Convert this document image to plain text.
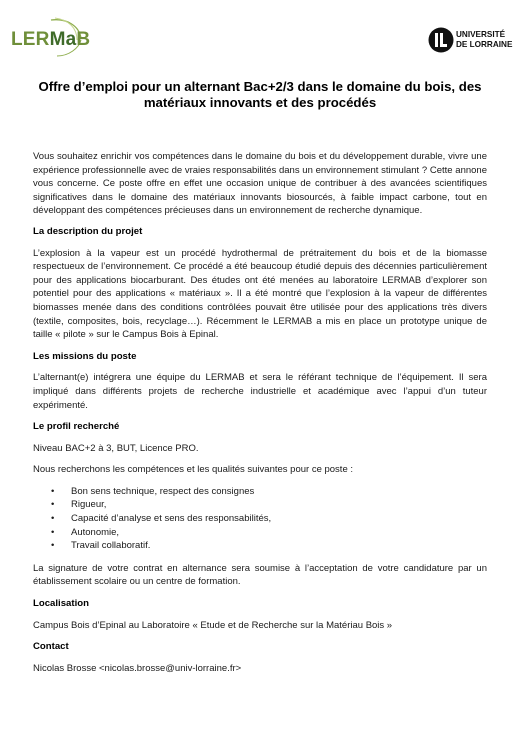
LERMaB	UNIVERSITÉ
DE LORRAINE
Offre d’emploi pour un alternant Bac+2/3 dans le domaine du bois, des matériaux innovants et des procédés

Vous souhaitez enrichir vos compétences dans le domaine du bois et du développement durable, vivre une expérience professionnelle avec de vraies responsabilités dans un environnement stimulant ? Cette annone vous concerne. Ce poste offre en effet une occasion unique de contribuer à des avancées scientifiques significatives dans le domaine des matériaux innovants biosourcés, à faible impact carbone, tout en développant des compétences précieuses dans un environnement de recherche dynamique.

La description du projet

L’explosion à la vapeur est un procédé hydrothermal de prétraitement du bois et de la biomasse respectueux de l’environnement. Ce procédé a été beaucoup étudié depuis des décennies particulièrement pour des applications biocarburant. Des études ont été menées au laboratoire LERMAB d’explorer son potentiel pour des applications « matériaux ». Il a été montré que l’explosion à la vapeur de différentes biomasses menée dans des conditions contrôlées pouvait être utilisée pour des applications très divers (textile, composites, bois, recyclage…). Récemment le LERMAB a mis en place un prototype unique de taille « pilote » sur le Campus Bois à Epinal.

Les missions du poste

L’alternant(e) intégrera une équipe du LERMAB et sera le référant technique de l’équipement. Il sera impliqué dans différents projets de recherche industrielle et académique avec l’appui d’un tuteur expérimenté.

Le profil recherché

Niveau BAC+2 à 3, BUT, Licence PRO.

Nous recherchons les compétences et les qualités suivantes pour ce poste :

• Bon sens technique, respect des consignes
• Rigueur,
• Capacité d’analyse et sens des responsabilités,
• Autonomie,
• Travail collaboratif.

La signature de votre contrat en alternance sera soumise à l’acceptation de votre candidature par un établissement scolaire ou un centre de formation.

Localisation

Campus Bois d’Epinal au Laboratoire « Etude et de Recherche sur la Matériau Bois »

Contact

Nicolas Brosse <nicolas.brosse@univ-lorraine.fr>
